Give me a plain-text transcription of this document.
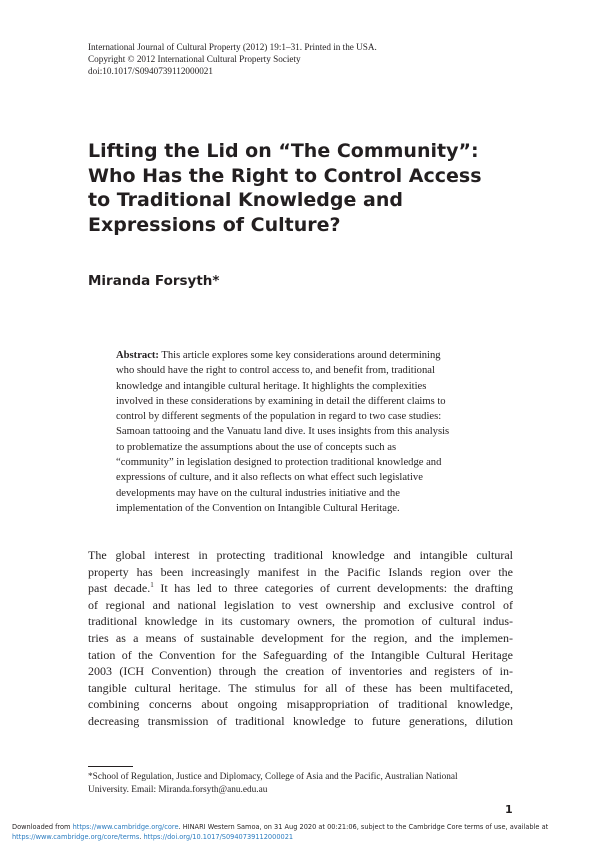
International Journal of Cultural Property (2012) 19:1–31. Printed in the USA.
Copyright © 2012 International Cultural Property Society
doi:10.1017/S0940739112000021
Lifting the Lid on “The Community”:
Who Has the Right to Control Access
to Traditional Knowledge and
Expressions of Culture?
Miranda Forsyth*
Abstract: This article explores some key considerations around determining
who should have the right to control access to, and benefit from, traditional
knowledge and intangible cultural heritage. It highlights the complexities
involved in these considerations by examining in detail the different claims to
control by different segments of the population in regard to two case studies:
Samoan tattooing and the Vanuatu land dive. It uses insights from this analysis
to problematize the assumptions about the use of concepts such as
“community” in legislation designed to protection traditional knowledge and
expressions of culture, and it also reflects on what effect such legislative
developments may have on the cultural industries initiative and the
implementation of the Convention on Intangible Cultural Heritage.
The global interest in protecting traditional knowledge and intangible cultural
property has been increasingly manifest in the Pacific Islands region over the
past decade.$^1$ It has led to three categories of current developments: the drafting
of regional and national legislation to vest ownership and exclusive control of
traditional knowledge in its customary owners, the promotion of cultural indus-
tries as a means of sustainable development for the region, and the implemen-
tation of the Convention for the Safeguarding of the Intangible Cultural Heritage
2003 (ICH Convention) through the creation of inventories and registers of in-
tangible cultural heritage. The stimulus for all of these has been multifaceted,
combining concerns about ongoing misappropriation of traditional knowledge,
decreasing transmission of traditional knowledge to future generations, dilution
*School of Regulation, Justice and Diplomacy, College of Asia and the Pacific, Australian National
University. Email: Miranda.forsyth@anu.edu.au
1
Downloaded from https://www.cambridge.org/core. HINARI Western Samoa, on 31 Aug 2020 at 00:21:06, subject to the Cambridge Core terms of use, available at
https://www.cambridge.org/core/terms. https://doi.org/10.1017/S0940739112000021
